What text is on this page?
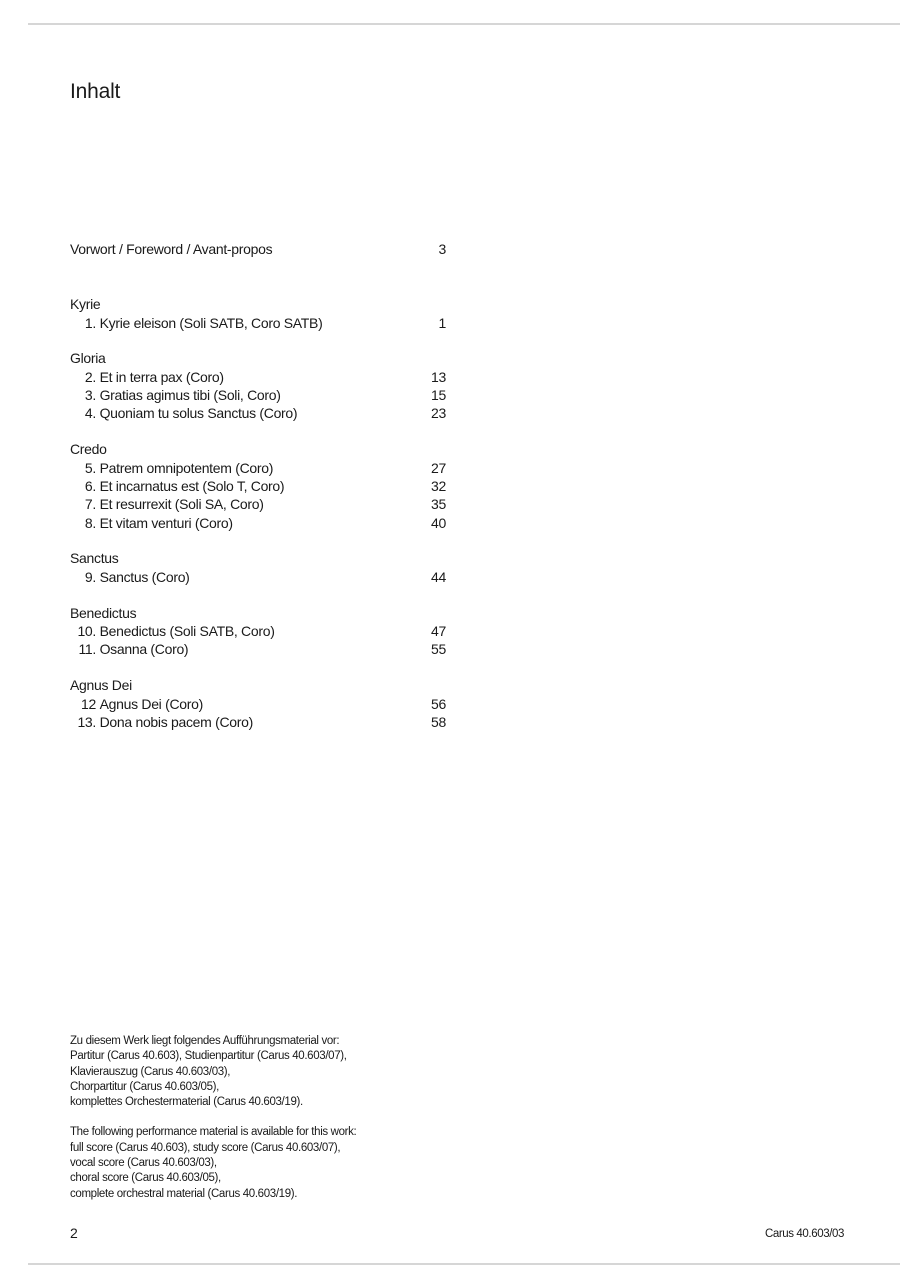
Inhalt
Vorwort / Foreword / Avant-propos	3
Kyrie
1. Kyrie eleison (Soli SATB, Coro SATB)	1
Gloria
2. Et in terra pax (Coro)	13
3. Gratias agimus tibi (Soli, Coro)	15
4. Quoniam tu solus Sanctus (Coro)	23
Credo
5. Patrem omnipotentem (Coro)	27
6. Et incarnatus est (Solo T, Coro)	32
7. Et resurrexit (Soli SA, Coro)	35
8. Et vitam venturi (Coro)	40
Sanctus
9. Sanctus (Coro)	44
Benedictus
10. Benedictus (Soli SATB, Coro)	47
11. Osanna (Coro)	55
Agnus Dei
12 Agnus Dei (Coro)	56
13. Dona nobis pacem (Coro)	58
Zu diesem Werk liegt folgendes Aufführungsmaterial vor:
Partitur (Carus 40.603), Studienpartitur (Carus 40.603/07),
Klavierauszug (Carus 40.603/03),
Chorpartitur (Carus 40.603/05),
komplettes Orchestermaterial (Carus 40.603/19).
The following performance material is available for this work:
full score (Carus 40.603), study score (Carus 40.603/07),
vocal score (Carus 40.603/03),
choral score (Carus 40.603/05),
complete orchestral material (Carus 40.603/19).
2	Carus 40.603/03
